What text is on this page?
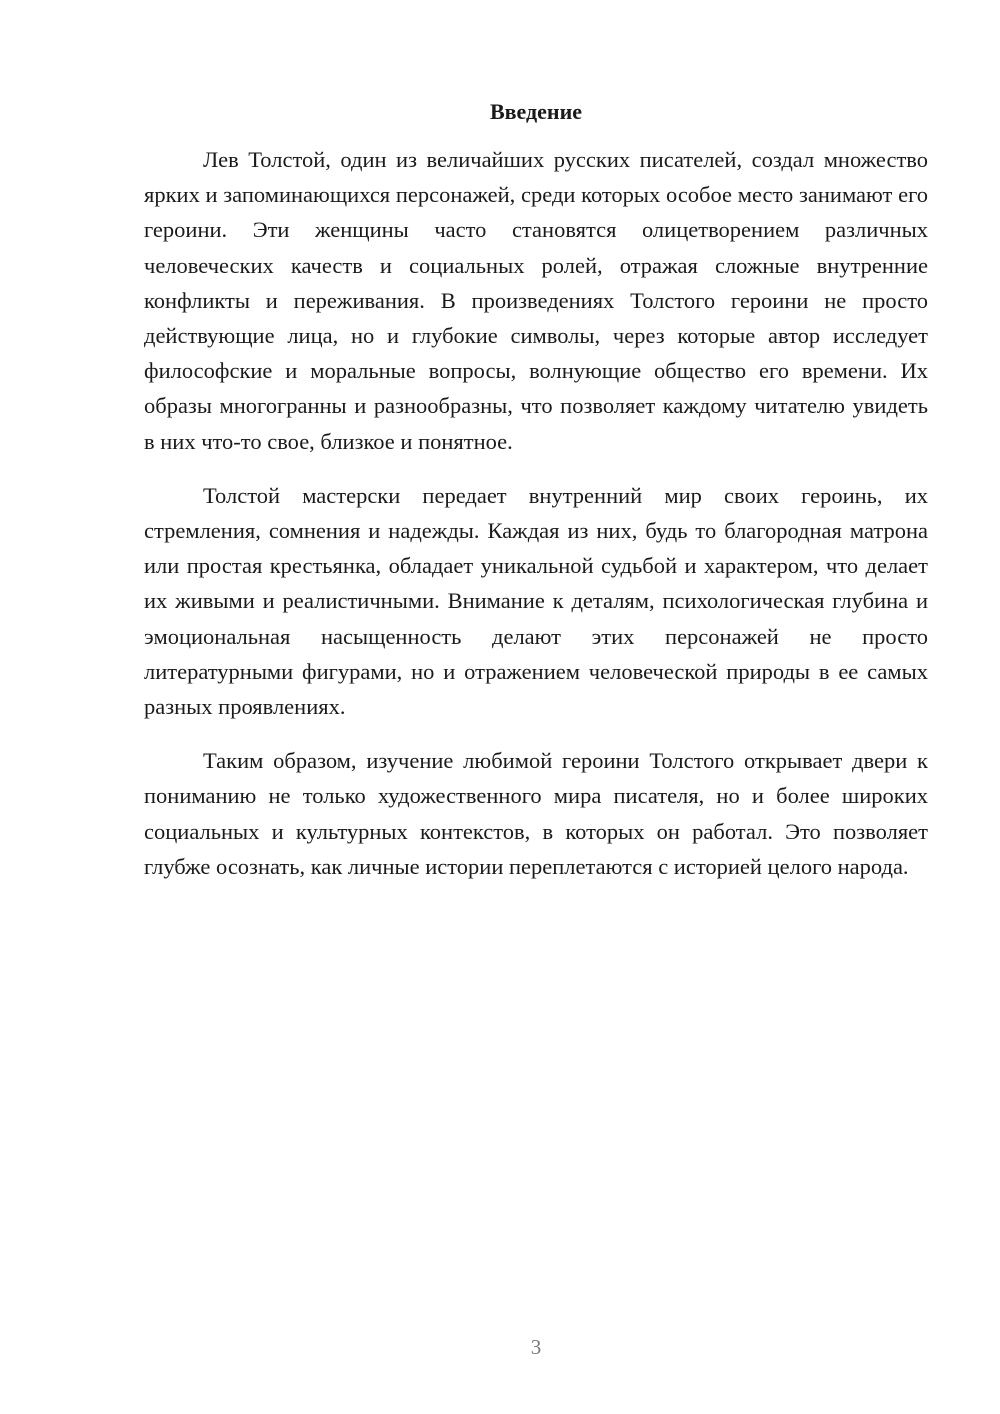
Введение

Лев Толстой, один из величайших русских писателей, создал множество ярких и запоминающихся персонажей, среди которых особое место занимают его героини. Эти женщины часто становятся олицетворением различных человеческих качеств и социальных ролей, отражая сложные внутренние конфликты и переживания. В произведениях Толстого героини не просто действующие лица, но и глубокие символы, через которые автор исследует философские и моральные вопросы, волнующие общество его времени. Их образы многогранны и разнообразны, что позволяет каждому читателю увидеть в них что-то свое, близкое и понятное.

Толстой мастерски передает внутренний мир своих героинь, их стремления, сомнения и надежды. Каждая из них, будь то благородная матрона или простая крестьянка, обладает уникальной судьбой и характером, что делает их живыми и реалистичными. Внимание к деталям, психологическая глубина и эмоциональная насыщенность делают этих персонажей не просто литературными фигурами, но и отражением человеческой природы в ее самых разных проявлениях.

Таким образом, изучение любимой героини Толстого открывает двери к пониманию не только художественного мира писателя, но и более широких социальных и культурных контекстов, в которых он работал. Это позволяет глубже осознать, как личные истории переплетаются с историей целого народа.

3
